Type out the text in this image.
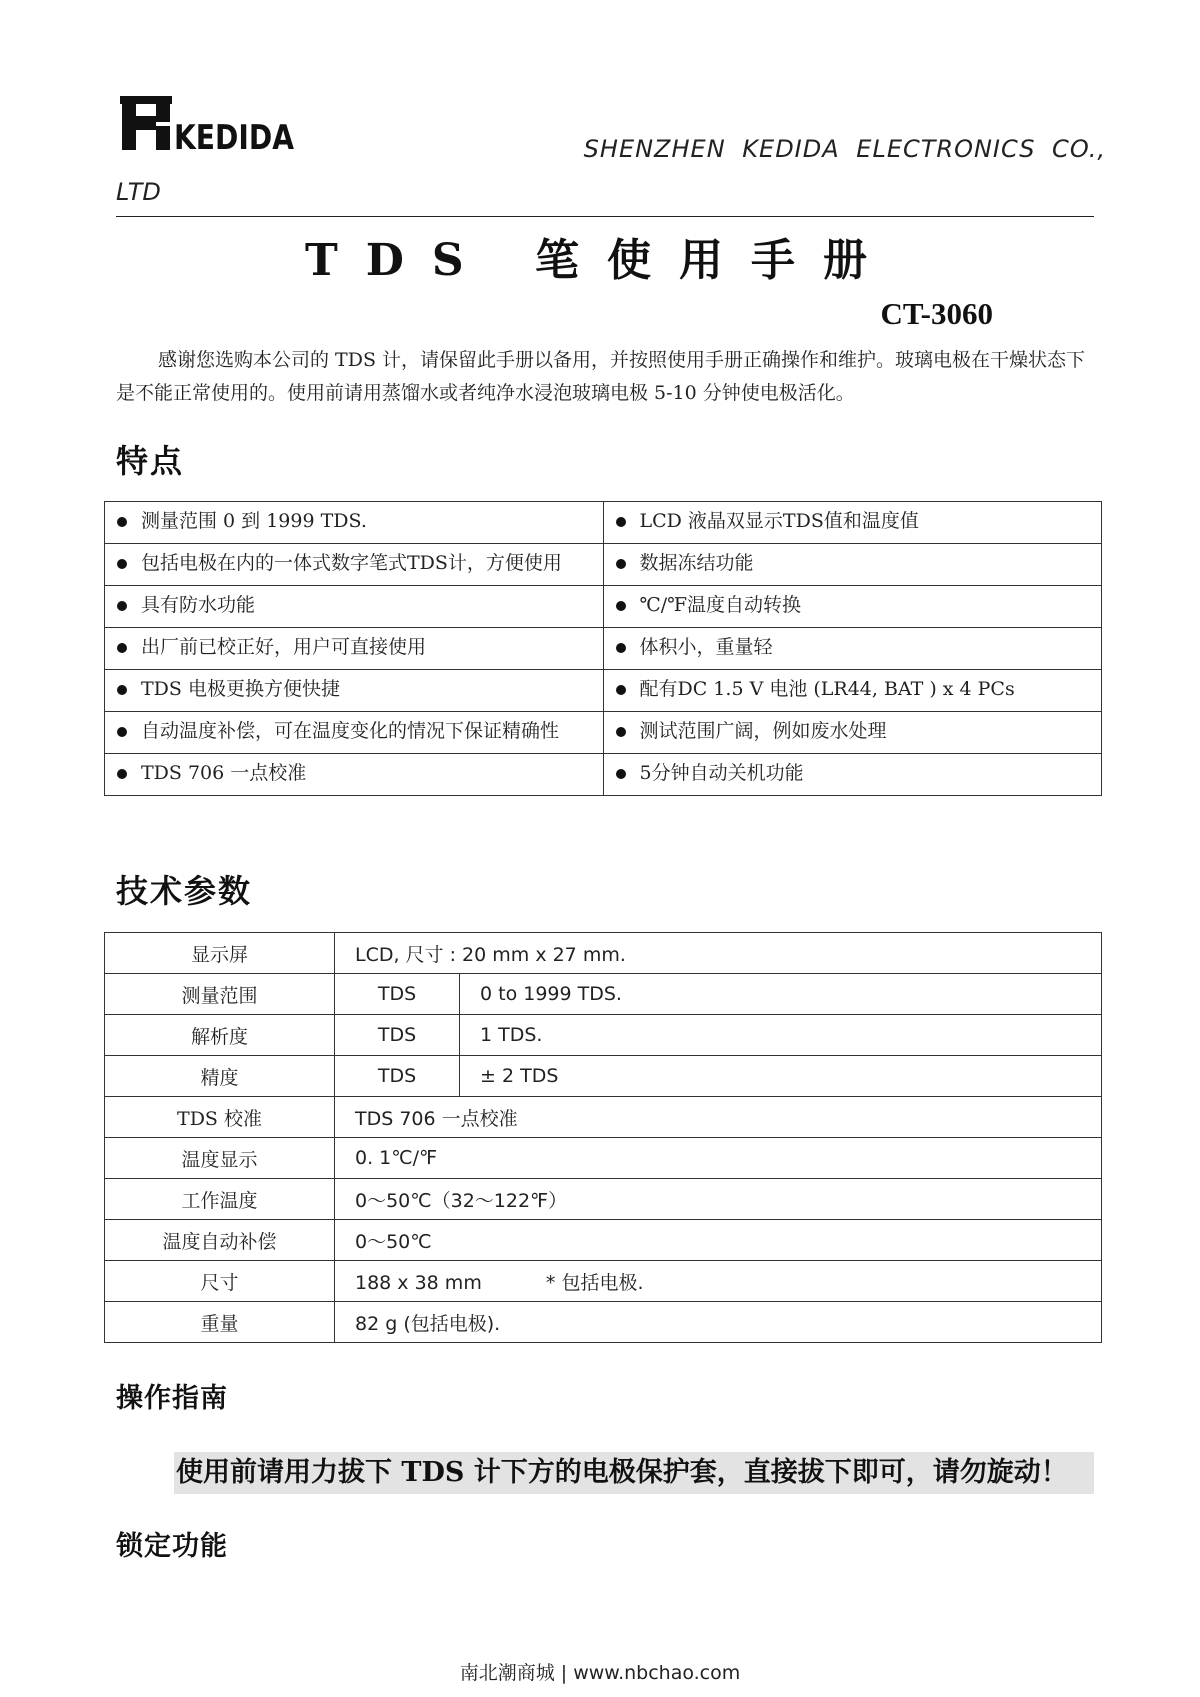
KEDIDA	SHENZHEN KEDIDA ELECTRONICS CO.,
LTD
TDS 笔使用手册
CT-3060
感谢您选购本公司的 TDS 计，请保留此手册以备用，并按照使用手册正确操作和维护。玻璃电极在干燥状态下是不能正常使用的。使用前请用蒸馏水或者纯净水浸泡玻璃电极 5-10 分钟使电极活化。
特点
测量范围 0 到 1999 TDS.	LCD 液晶双显示TDS值和温度值

包括电极在内的一体式数字笔式TDS计，方便使用	数据冻结功能

具有防水功能	℃/℉温度自动转换

出厂前已校正好，用户可直接使用	体积小，重量轻

TDS 电极更换方便快捷	配有DC 1.5 V 电池 (LR44, BAT ) x 4 PCs

自动温度补偿，可在温度变化的情况下保证精确性	测试范围广阔，例如废水处理

TDS 706 一点校准	5分钟自动关机功能
技术参数
显示屏	LCD, 尺寸 : 20 mm x 27 mm.	
测量范围	TDS	0 to 1999 TDS.
解析度	TDS	1 TDS.
精度	TDS	± 2 TDS
TDS 校准	TDS 706 一点校准	
温度显示	0. 1℃/℉	
工作温度	0～50℃（32～122℉）	
温度自动补偿	0～50℃	
尺寸	188 x 38 mm * 包括电极.	
重量	82 g (包括电极).	
操作指南
使用前请用力拔下 TDS 计下方的电极保护套，直接拔下即可，请勿旋动！
锁定功能
南北潮商城 | www.nbchao.com
